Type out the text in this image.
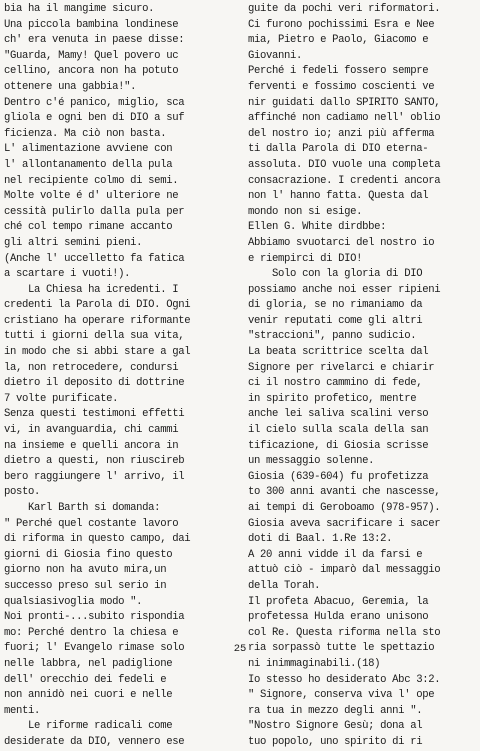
bia ha il mangime sicuro.
Una piccola bambina londinese
ch' era venuta in paese disse:
"Guarda, Mamy! Quel povero uc
cellino, ancora non ha potuto
ottenere una gabbia!".
Dentro c'é panico, miglio, sca
gliola e ogni ben di DIO a suf
ficienza. Ma ciò non basta.
L' alimentazione avviene con
l' allontanamento della pula
nel recipiente colmo di semi.
Molte volte é d' ulteriore ne
cessità pulirlo dalla pula per
ché col tempo rimane accanto
gli altri semini pieni.
(Anche l' uccelletto fa fatica
a scartare i vuoti!).
La Chiesa ha icredenti. I
credenti la Parola di DIO. Ogni
cristiano ha operare riformante
tutti i giorni della sua vita,
in modo che si abbi stare a gal
la, non retrocedere, condursi
dietro il deposito di dottrine
7 volte purificate.
Senza questi testimoni effetti
vi, in avanguardia, chi cammi
na insieme e quelli ancora in
dietro a questi, non riuscireb
bero raggiungere l' arrivo, il
posto.
Karl Barth si domanda:
" Perché quel costante lavoro
di riforma in questo campo, dai
giorni di Giosia fino questo
giorno non ha avuto mira,un
successo preso sul serio in
qualsiasivoglia modo ".
Noi pronti-...subito rispondia
mo: Perché dentro la chiesa e
fuori; l' Evangelo rimase solo
nelle labbra, nel padiglione
dell' orecchio dei fedeli e
non annidò nei cuori e nelle
menti.
Le riforme radicali come
desiderate da DIO, vennero ese
guite da pochi veri riformatori.
Ci furono pochissimi Esra e Nee
mia, Pietro e Paolo, Giacomo e
Giovanni.
Perché i fedeli fossero sempre
ferventi e fossimo coscienti ve
nir guidati dallo SPIRITO SANTO,
affinché non cadiamo nell' oblio
del nostro io; anzi più afferma
ti dalla Parola di DIO eterna-
assoluta. DIO vuole una completa
consacrazione. I credenti ancora
non l' hanno fatta. Questa dal
mondo non si esige.
Ellen G. White dirdbbe:
Abbiamo svuotarci del nostro io
e riempirci di DIO!
Solo con la gloria di DIO
possiamo anche noi esser ripieni
di gloria, se no rimaniamo da
venir reputati come gli altri
"straccioni", panno sudicio.
La beata scrittrice scelta dal
Signore per rivelarci e chiarir
ci il nostro cammino di fede,
in spirito profetico, mentre
anche lei saliva scalini verso
il cielo sulla scala della san
tificazione, di Giosia scrisse
un messaggio solenne.
Giosia (639-604) fu profetizza
to 300 anni avanti che nascesse,
ai tempi di Geroboamo (978-957).
Giosia aveva sacrificare i sacer
doti di Baal. 1.Re 13:2.
A 20 anni vidde il da farsi e
attuò ciò - imparò dal messaggio
della Torah.
Il profeta Abacuo, Geremia, la
profetessa Hulda erano unisono
col Re. Questa riforma nella sto
ria sorpassò tutte le spettazio
ni inimmaginabili.(18)
Io stesso ho desiderato Abc 3:2.
" Signore, conserva viva l' ope
ra tua in mezzo degli anni ".
"Nostro Signore Gesù; dona al
tuo popolo, uno spirito di ri
25
